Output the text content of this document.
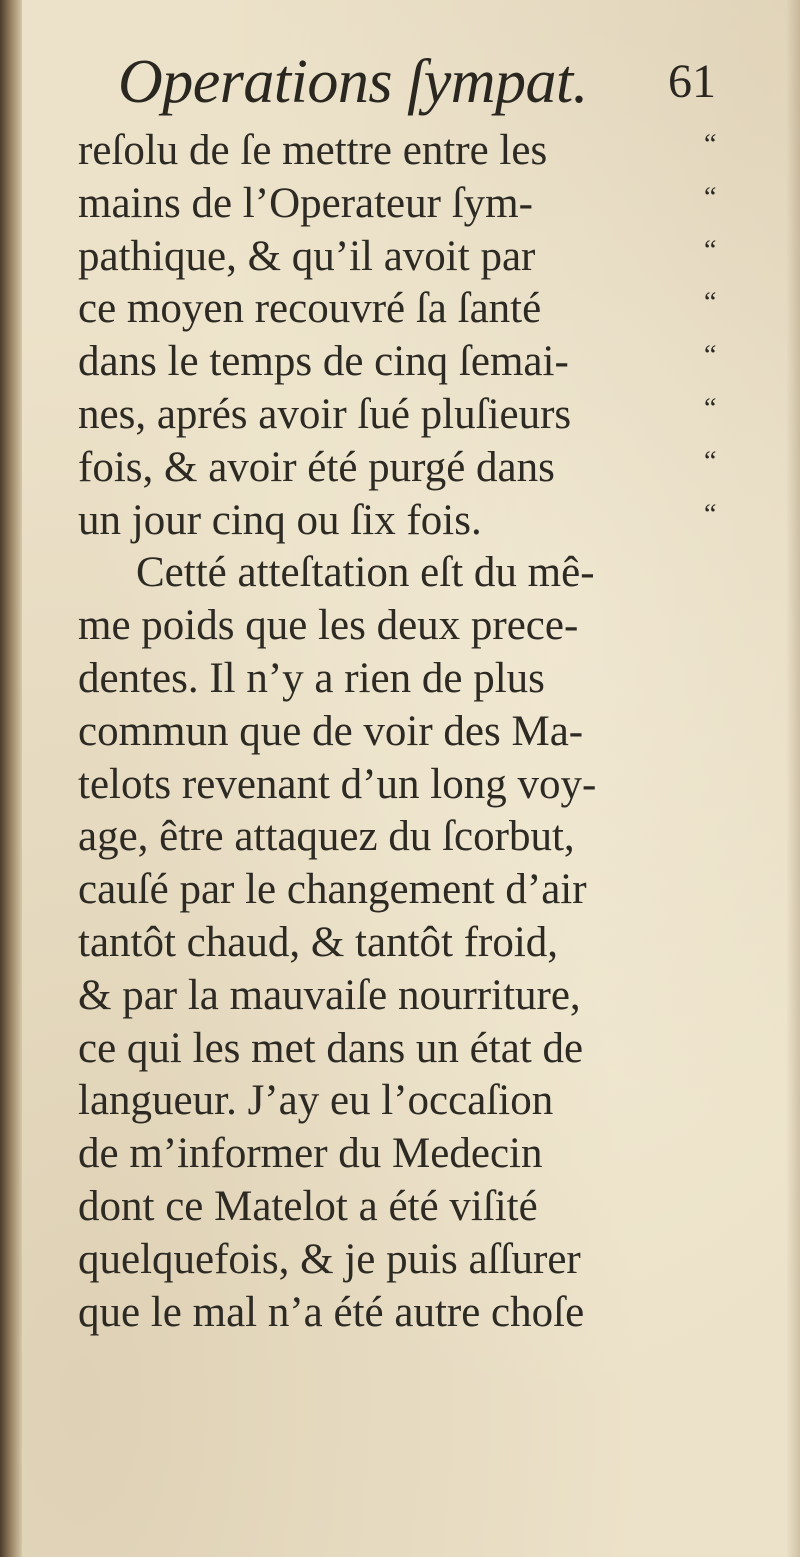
Operations ſympat. 61
reſolu de ſe mettre entre les	“
mains de l’Operateur ſym-	“
pathique, & qu’il avoit par	“
ce moyen recouvré ſa ſanté	“
dans le temps de cinq ſemai-	“
nes, aprés avoir ſué pluſieurs	“
fois, & avoir été purgé dans	“
un jour cinq ou ſix fois.	“
Cetté atteſtation eſt du mê-
me poids que les deux prece-
dentes. Il n’y a rien de plus
commun que de voir des Ma-
telots revenant d’un long voy-
age, être attaquez du ſcorbut,
cauſé par le changement d’air
tantôt chaud, & tantôt froid,
& par la mauvaiſe nourriture,
ce qui les met dans un état de
langueur. J’ay eu l’occaſion
de m’informer du Medecin
dont ce Matelot a été viſité
quelquefois, & je puis aſſurer
que le mal n’a été autre choſe
